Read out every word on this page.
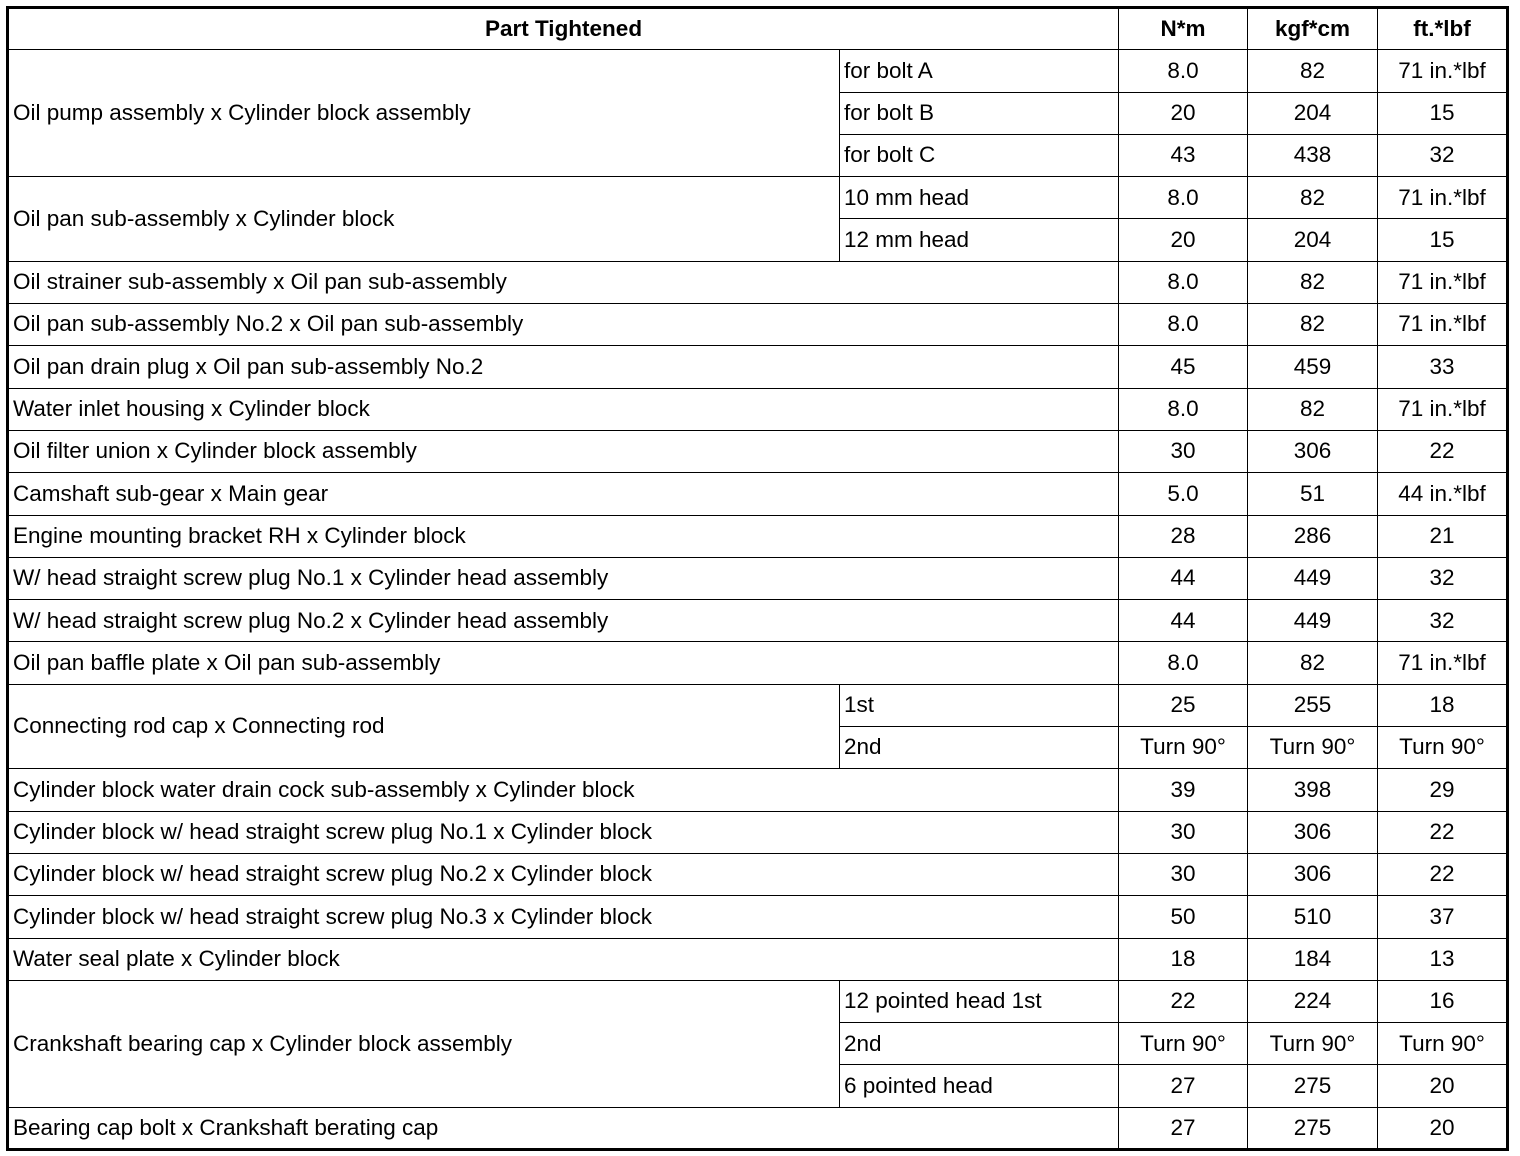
Part Tightened		N*m	kgf*cm	ft.*lbf
Oil pump assembly x Cylinder block assembly	for bolt A	8.0	82	71 in.*lbf
	for bolt B	20	204	15
	for bolt C	43	438	32
Oil pan sub-assembly x Cylinder block	10 mm head	8.0	82	71 in.*lbf
	12 mm head	20	204	15
Oil strainer sub-assembly x Oil pan sub-assembly		8.0	82	71 in.*lbf
Oil pan sub-assembly No.2 x Oil pan sub-assembly		8.0	82	71 in.*lbf
Oil pan drain plug x Oil pan sub-assembly No.2		45	459	33
Water inlet housing x Cylinder block		8.0	82	71 in.*lbf
Oil filter union x Cylinder block assembly		30	306	22
Camshaft sub-gear x Main gear		5.0	51	44 in.*lbf
Engine mounting bracket RH x Cylinder block		28	286	21
W/ head straight screw plug No.1 x Cylinder head assembly		44	449	32
W/ head straight screw plug No.2 x Cylinder head assembly		44	449	32
Oil pan baffle plate x Oil pan sub-assembly		8.0	82	71 in.*lbf
Connecting rod cap x Connecting rod	1st	25	255	18
	2nd	Turn 90°	Turn 90°	Turn 90°
Cylinder block water drain cock sub-assembly x Cylinder block		39	398	29
Cylinder block w/ head straight screw plug No.1 x Cylinder block		30	306	22
Cylinder block w/ head straight screw plug No.2 x Cylinder block		30	306	22
Cylinder block w/ head straight screw plug No.3 x Cylinder block		50	510	37
Water seal plate x Cylinder block		18	184	13
Crankshaft bearing cap x Cylinder block assembly	12 pointed head 1st	22	224	16
	2nd	Turn 90°	Turn 90°	Turn 90°
	6 pointed head	27	275	20
Bearing cap bolt x Crankshaft berating cap		27	275	20
